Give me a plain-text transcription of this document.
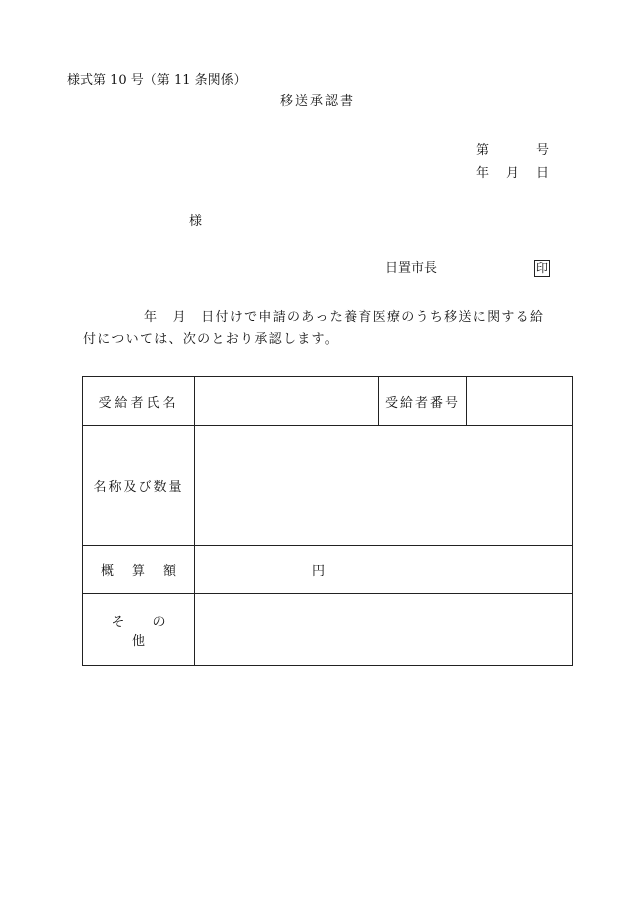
様式第 10 号（第 11 条関係）
移送承認書
第	号
年 月 日
様
日置市長	印
年　月　日付けで申請のあった養育医療のうち移送に関する給
付については、次のとおり承認します。
受給者氏名		受給者番号	
名称及び数量			
概算額	円		
その他			
